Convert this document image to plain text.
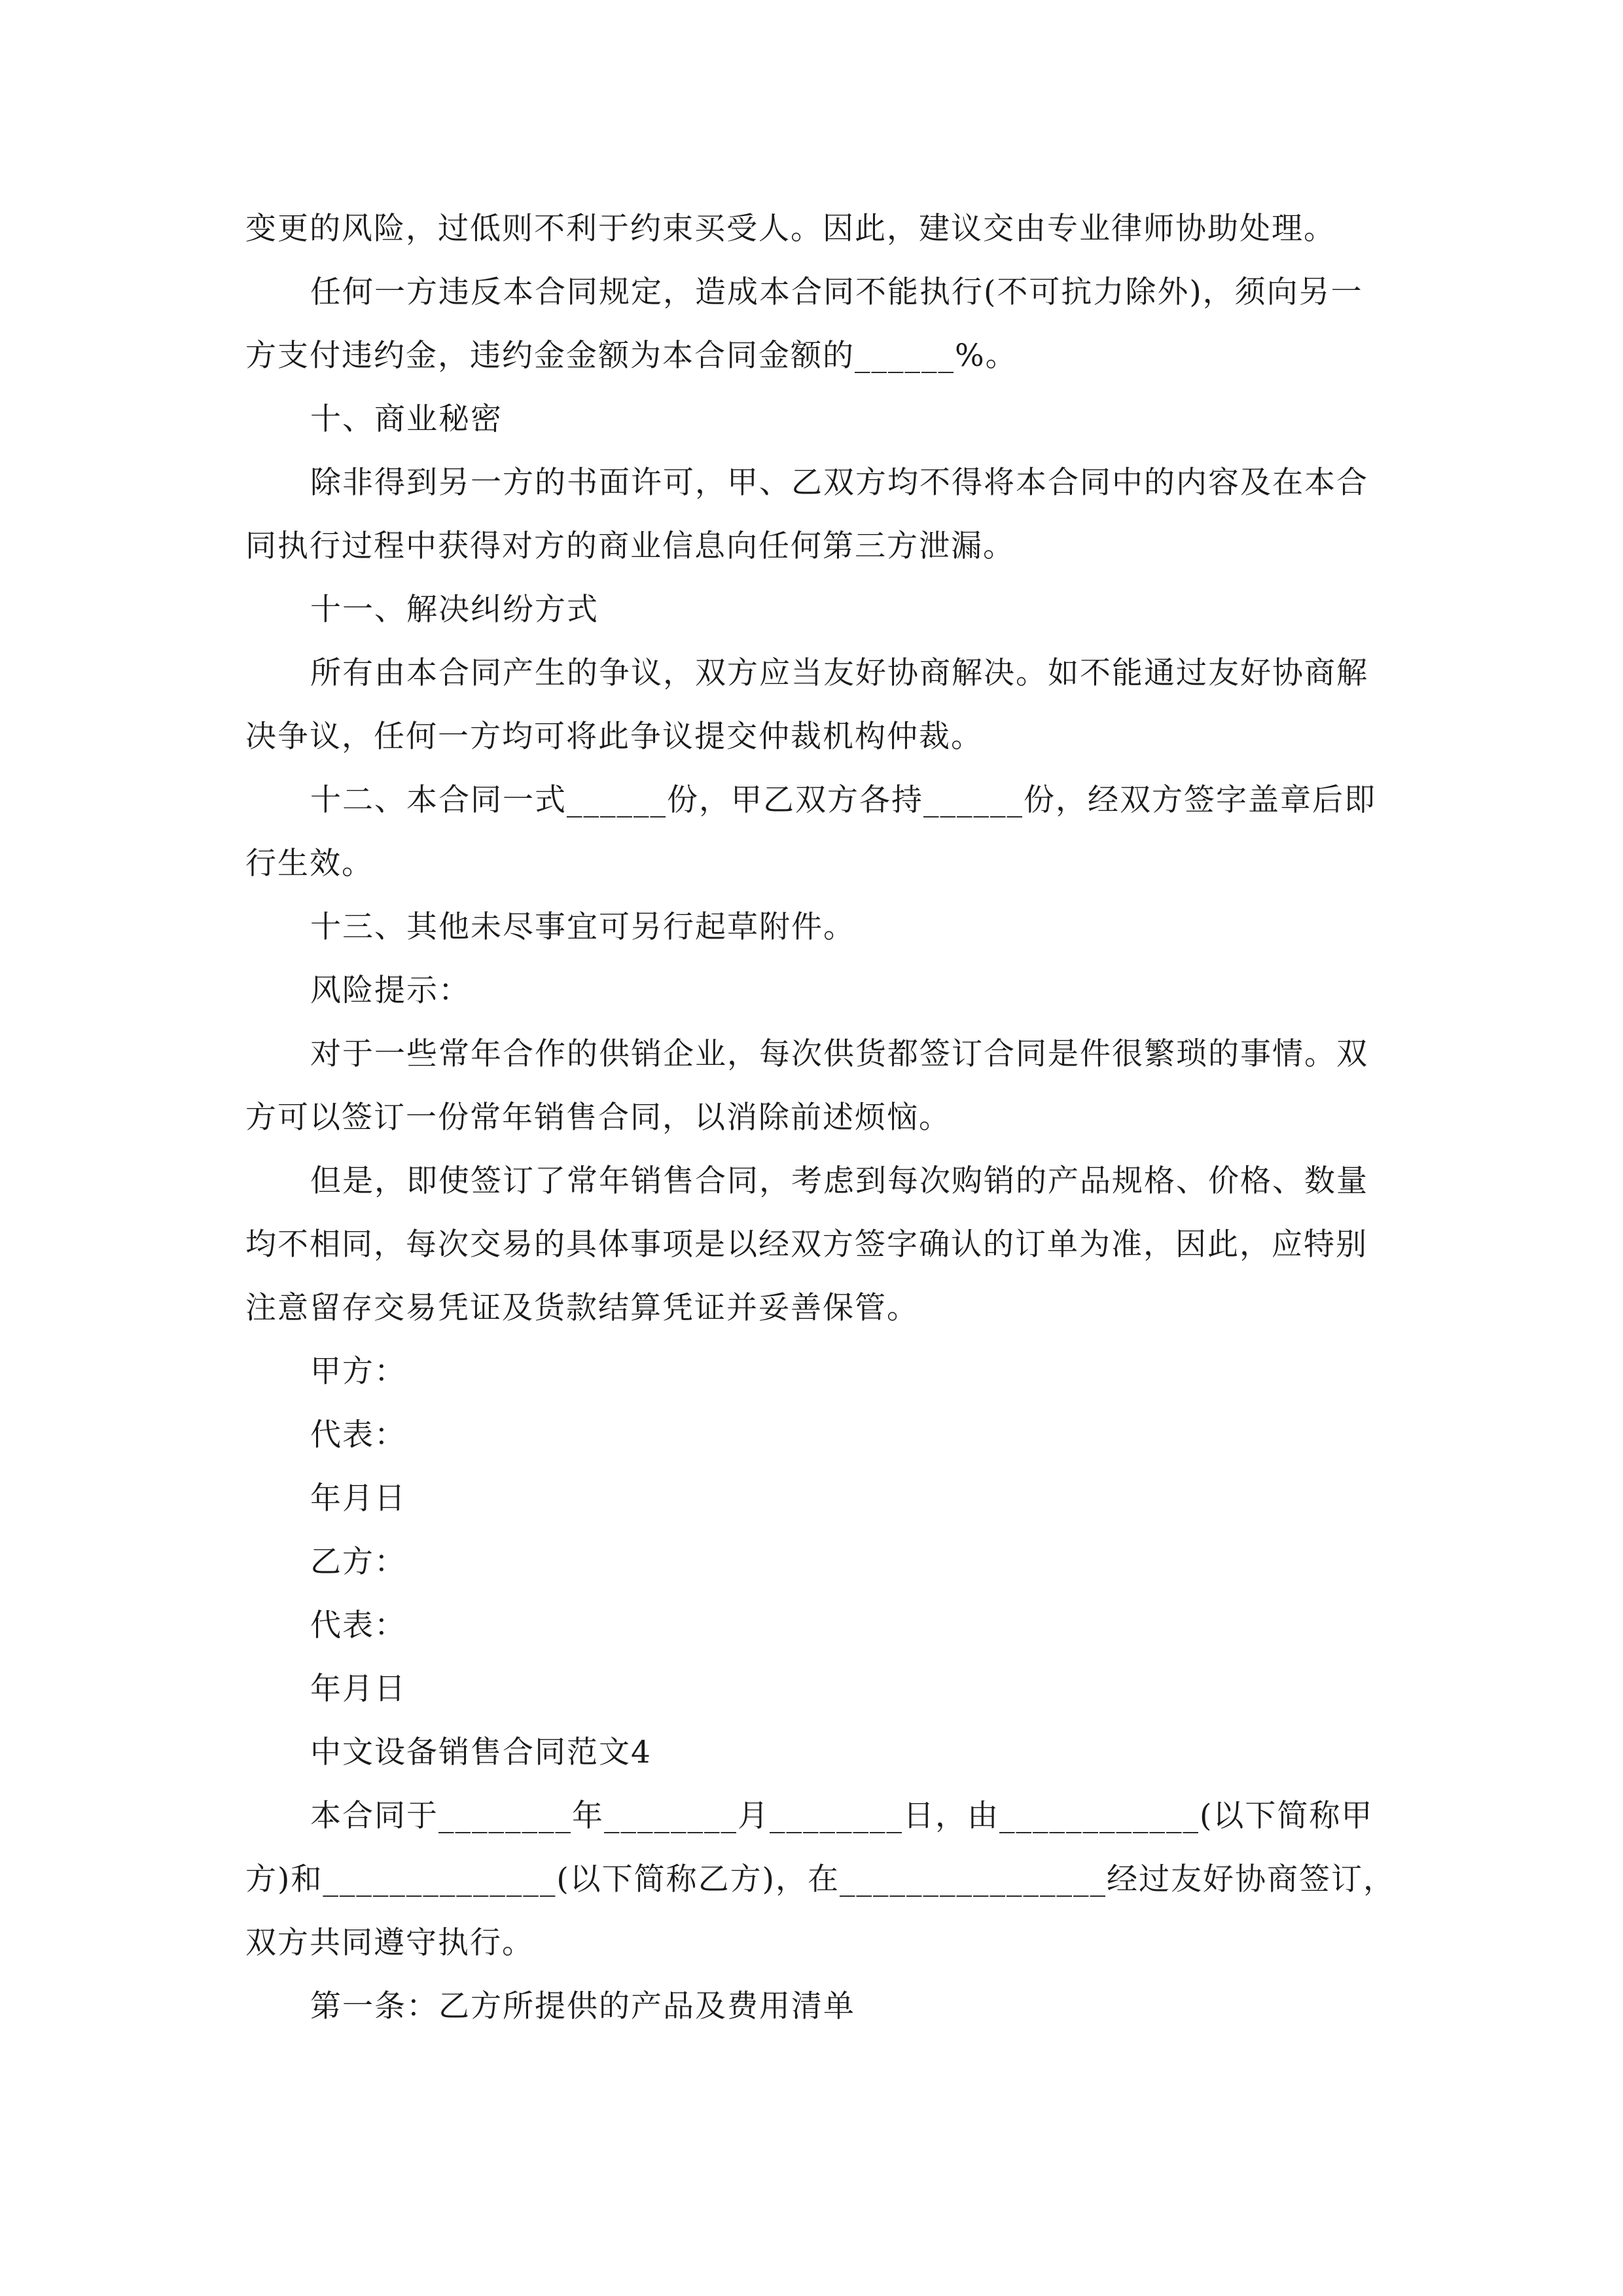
变更的风险，过低则不利于约束买受人。因此，建议交由专业律师协助处理。
任何一方违反本合同规定，造成本合同不能执行(不可抗力除外)，须向另一
方支付违约金，违约金金额为本合同金额的______%。
十、商业秘密
除非得到另一方的书面许可，甲、乙双方均不得将本合同中的内容及在本合
同执行过程中获得对方的商业信息向任何第三方泄漏。
十一、解决纠纷方式
所有由本合同产生的争议，双方应当友好协商解决。如不能通过友好协商解
决争议，任何一方均可将此争议提交仲裁机构仲裁。
十二、本合同一式______份，甲乙双方各持______份，经双方签字盖章后即
行生效。
十三、其他未尽事宜可另行起草附件。
风险提示：
对于一些常年合作的供销企业，每次供货都签订合同是件很繁琐的事情。双
方可以签订一份常年销售合同，以消除前述烦恼。
但是，即使签订了常年销售合同，考虑到每次购销的产品规格、价格、数量
均不相同，每次交易的具体事项是以经双方签字确认的订单为准，因此，应特别
注意留存交易凭证及货款结算凭证并妥善保管。
甲方：
代表：
年月日
乙方：
代表：
年月日
中文设备销售合同范文4
本合同于________年________月________日，由____________(以下简称甲
方)和______________(以下简称乙方)，在________________经过友好协商签订，
双方共同遵守执行。
第一条：乙方所提供的产品及费用清单
